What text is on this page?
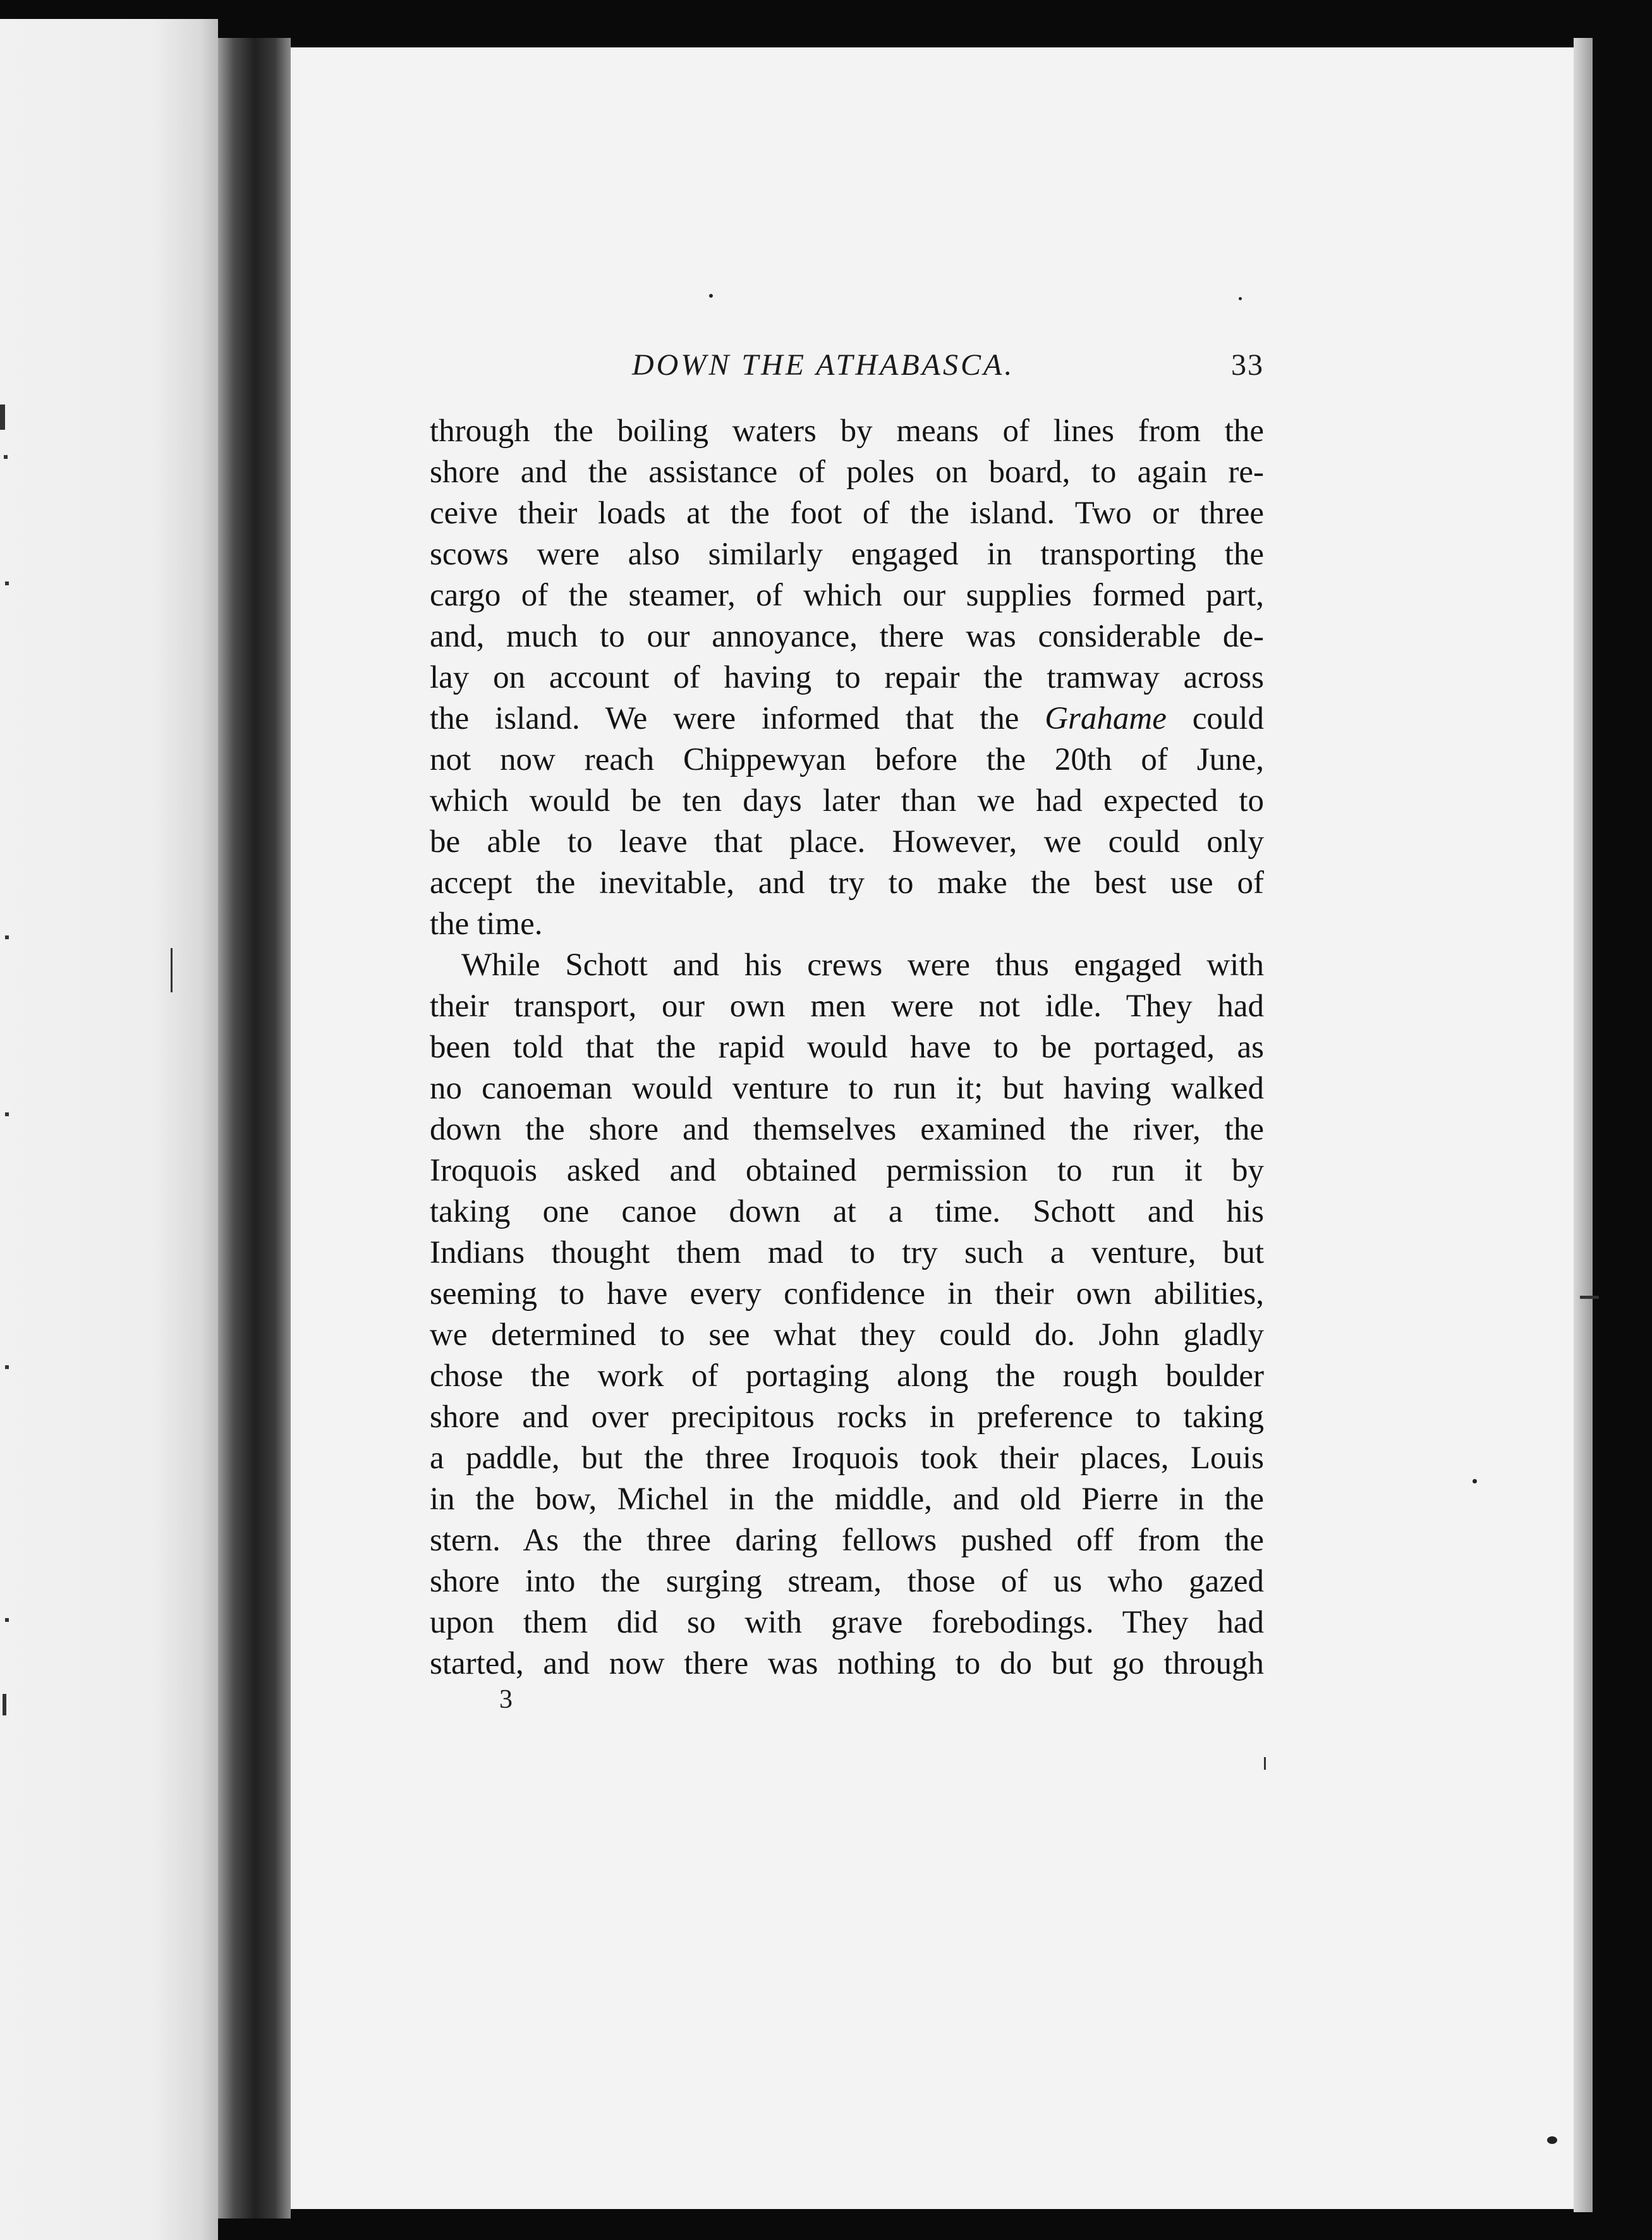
DOWN THE ATHABASCA.	33
through the boiling waters by means of lines from the
shore and the assistance of poles on board, to again re-
ceive their loads at the foot of the island. Two or three
scows were also similarly engaged in transporting the
cargo of the steamer, of which our supplies formed part,
and, much to our annoyance, there was considerable de-
lay on account of having to repair the tramway across
the island. We were informed that the Grahame could
not now reach Chippewyan before the 20th of June,
which would be ten days later than we had expected to
be able to leave that place. However, we could only
accept the inevitable, and try to make the best use of
the time.
While Schott and his crews were thus engaged with
their transport, our own men were not idle. They had
been told that the rapid would have to be portaged, as
no canoeman would venture to run it; but having walked
down the shore and themselves examined the river, the
Iroquois asked and obtained permission to run it by
taking one canoe down at a time. Schott and his
Indians thought them mad to try such a venture, but
seeming to have every confidence in their own abilities,
we determined to see what they could do. John gladly
chose the work of portaging along the rough boulder
shore and over precipitous rocks in preference to taking
a paddle, but the three Iroquois took their places, Louis
in the bow, Michel in the middle, and old Pierre in the
stern. As the three daring fellows pushed off from the
shore into the surging stream, those of us who gazed
upon them did so with grave forebodings. They had
started, and now there was nothing to do but go through
3
